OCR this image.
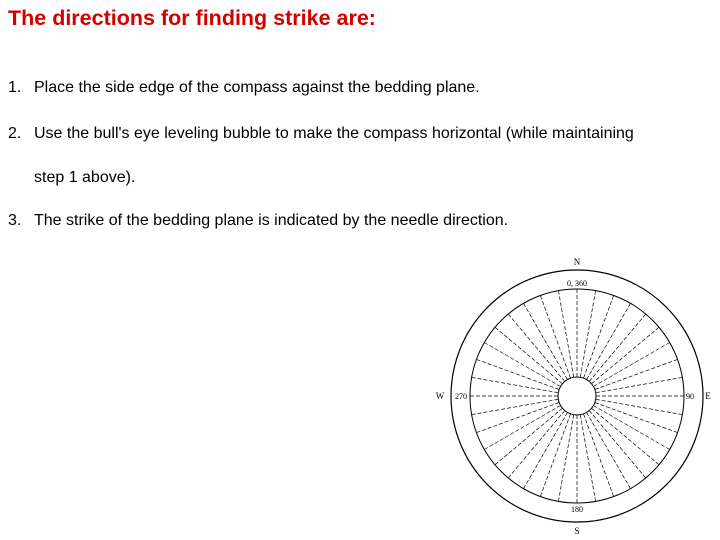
The directions for finding strike are:
1. Place the side edge of the compass against the bedding plane.
2. Use the bull's eye leveling bubble to make the compass horizontal (while maintaining
step 1 above).
3. The strike of the bedding plane is indicated by the needle direction.
N
S
W	E
0, 360
180
270	90
